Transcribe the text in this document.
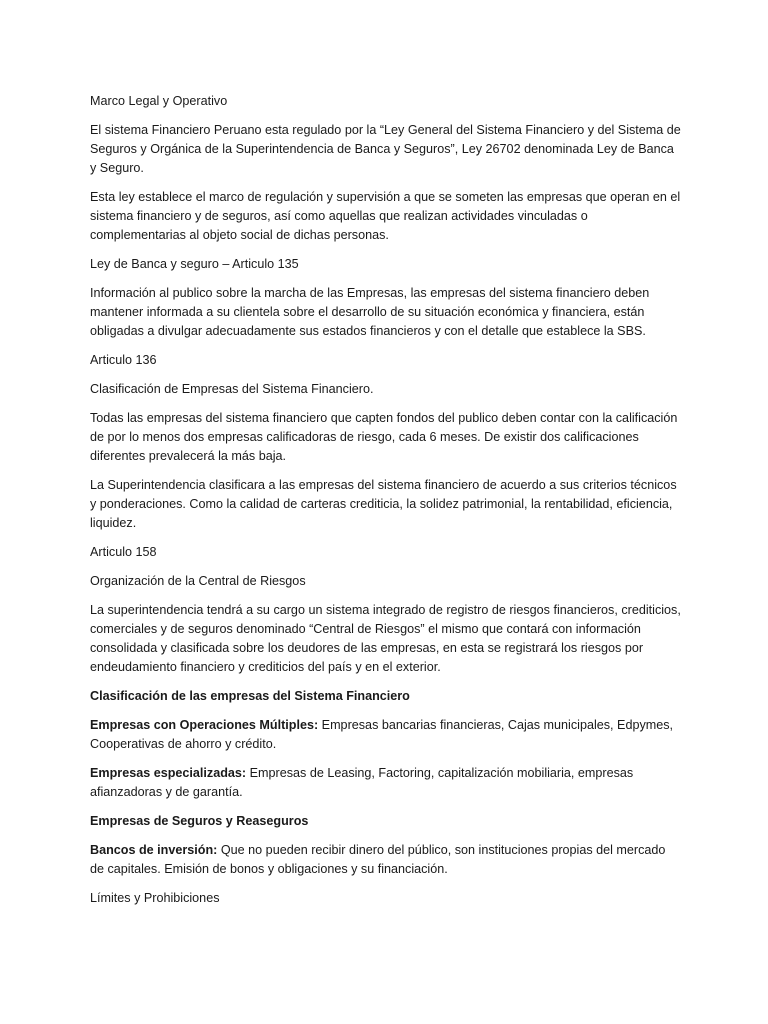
Marco Legal y Operativo

El sistema Financiero Peruano esta regulado por la “Ley General del Sistema Financiero y del Sistema de Seguros y Orgánica de la Superintendencia de Banca y Seguros”, Ley 26702 denominada Ley de Banca y Seguro.

Esta ley establece el marco de regulación y supervisión a que se someten las empresas que operan en el sistema financiero y de seguros, así como aquellas que realizan actividades vinculadas o complementarias al objeto social de dichas personas.

Ley de Banca y seguro – Articulo 135

Información al publico sobre la marcha de las Empresas, las empresas del sistema financiero deben mantener informada a su clientela sobre el desarrollo de su situación económica y financiera, están obligadas a divulgar adecuadamente sus estados financieros y con el detalle que establece la SBS.

Articulo 136

Clasificación de Empresas del Sistema Financiero.

Todas las empresas del sistema financiero que capten fondos del publico deben contar con la calificación de por lo menos dos empresas calificadoras de riesgo, cada 6 meses. De existir dos calificaciones diferentes prevalecerá la más baja.

La Superintendencia clasificara a las empresas del sistema financiero de acuerdo a sus criterios técnicos y ponderaciones. Como la calidad de carteras crediticia, la solidez patrimonial, la rentabilidad, eficiencia, liquidez.

Articulo 158

Organización de la Central de Riesgos

La superintendencia tendrá a su cargo un sistema integrado de registro de riesgos financieros, crediticios, comerciales y de seguros denominado “Central de Riesgos” el mismo que contará con información consolidada y clasificada sobre los deudores de las empresas, en esta se registrará los riesgos por endeudamiento financiero y crediticios del país y en el exterior.

Clasificación de las empresas del Sistema Financiero

Empresas con Operaciones Múltiples: Empresas bancarias financieras, Cajas municipales, Edpymes, Cooperativas de ahorro y crédito.

Empresas especializadas: Empresas de Leasing, Factoring, capitalización mobiliaria, empresas afianzadoras y de garantía.

Empresas de Seguros y Reaseguros

Bancos de inversión: Que no pueden recibir dinero del público, son instituciones propias del mercado de capitales. Emisión de bonos y obligaciones y su financiación.

Límites y Prohibiciones
